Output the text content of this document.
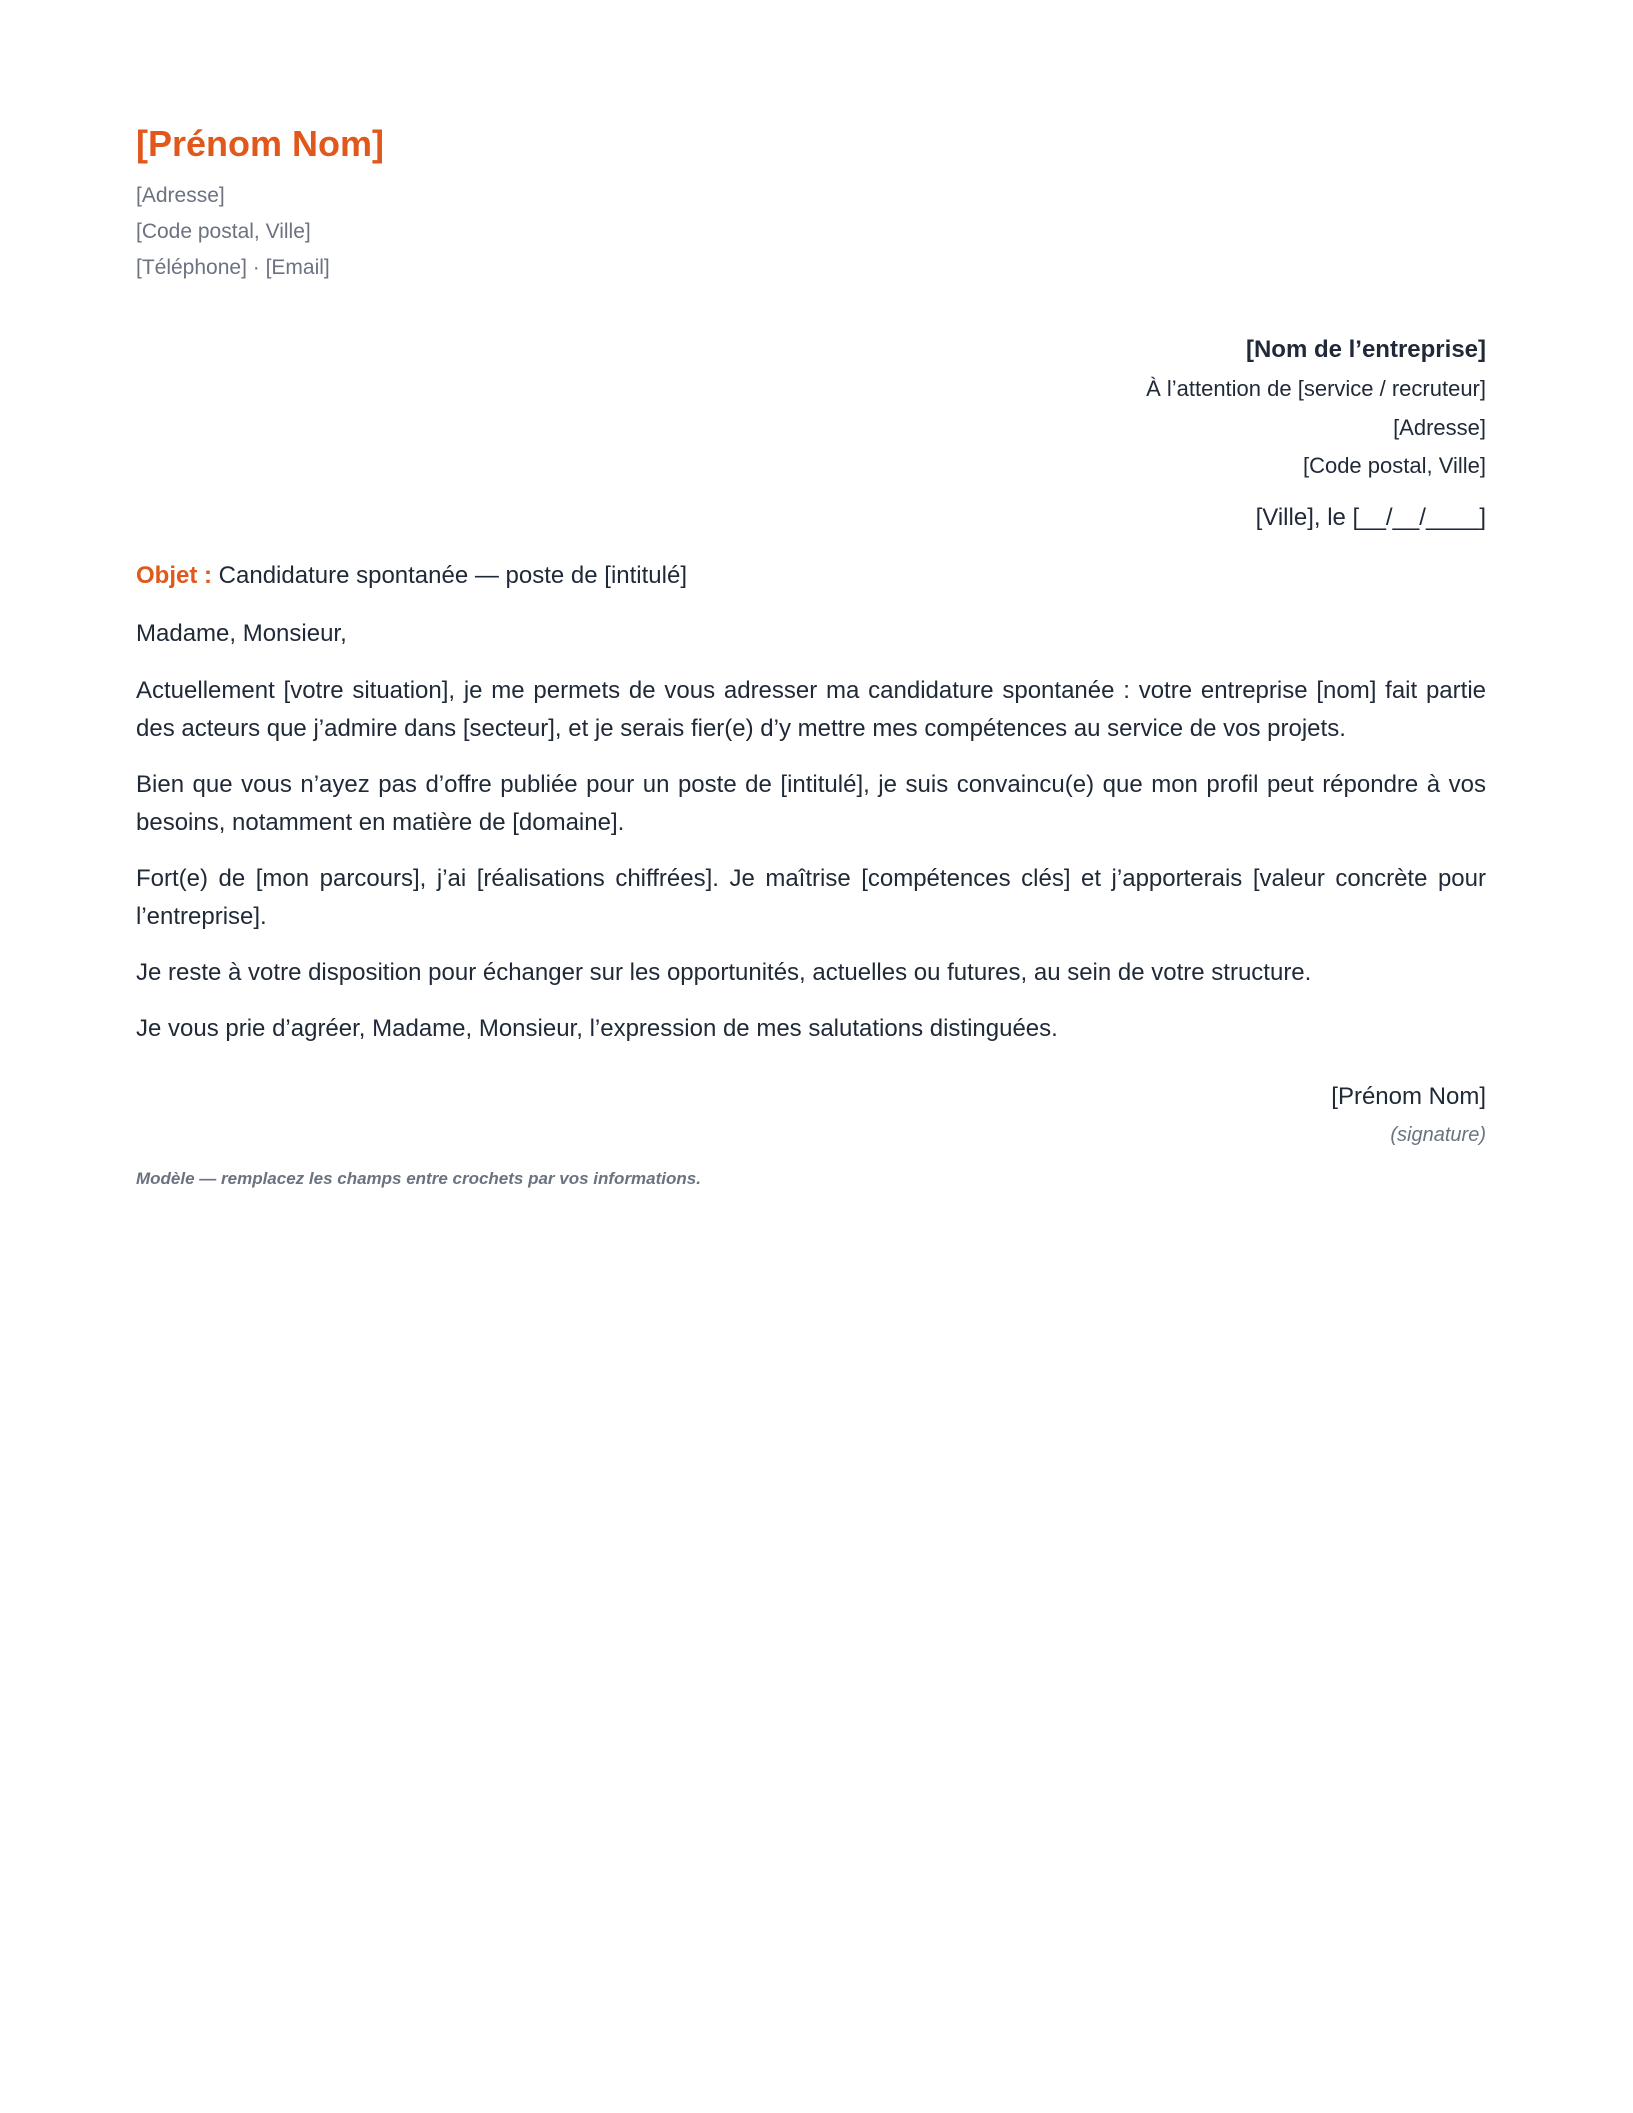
[Prénom Nom]
[Adresse]
[Code postal, Ville]
[Téléphone] · [Email]
[Nom de l’entreprise]
À l’attention de [service / recruteur]
[Adresse]
[Code postal, Ville]
[Ville], le [__/__/____]
Objet : Candidature spontanée — poste de [intitulé]
Madame, Monsieur,
Actuellement [votre situation], je me permets de vous adresser ma candidature spontanée : votre entreprise [nom] fait partie des acteurs que j’admire dans [secteur], et je serais fier(e) d’y mettre mes compétences au service de vos projets.
Bien que vous n’ayez pas d’offre publiée pour un poste de [intitulé], je suis convaincu(e) que mon profil peut répondre à vos besoins, notamment en matière de [domaine].
Fort(e) de [mon parcours], j’ai [réalisations chiffrées]. Je maîtrise [compétences clés] et j’apporterais [valeur concrète pour l’entreprise].
Je reste à votre disposition pour échanger sur les opportunités, actuelles ou futures, au sein de votre structure.
Je vous prie d’agréer, Madame, Monsieur, l’expression de mes salutations distinguées.
[Prénom Nom]
(signature)
Modèle — remplacez les champs entre crochets par vos informations.
